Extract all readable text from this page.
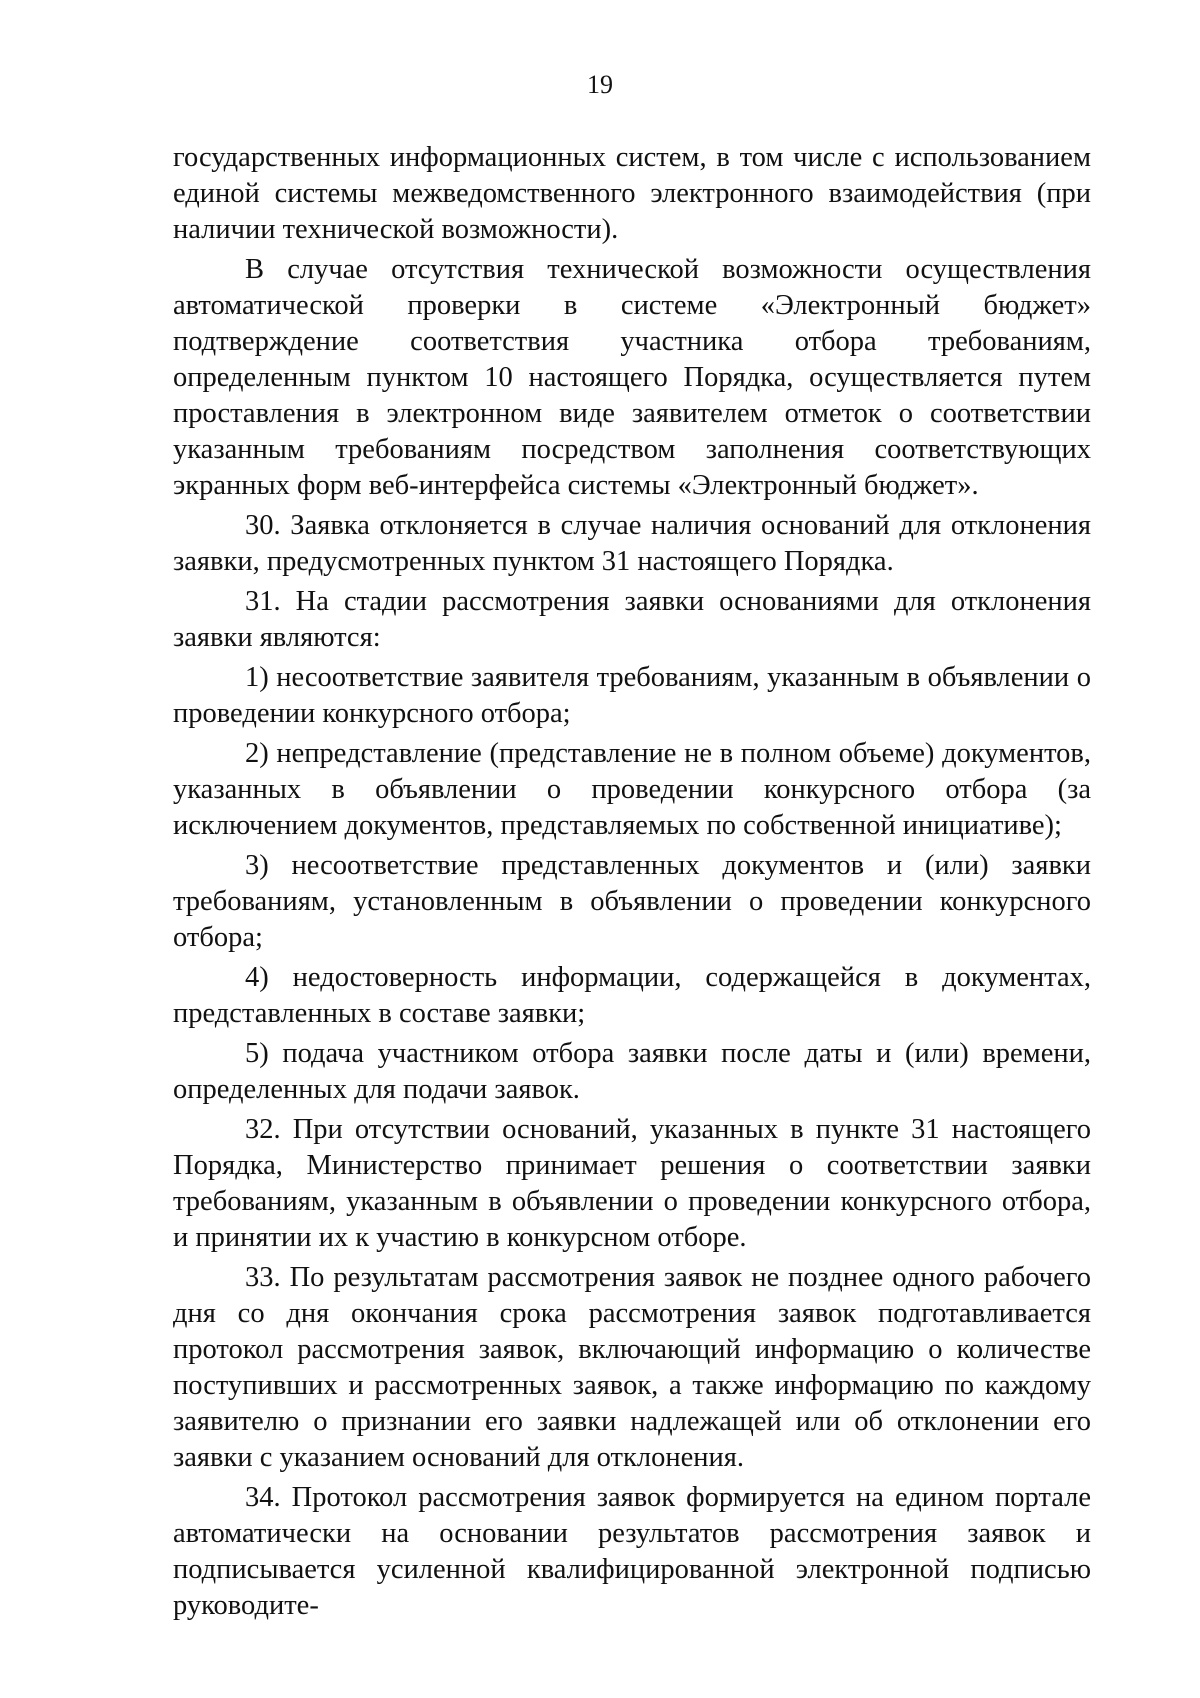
19

государственных информационных систем, в том числе с использованием единой системы межведомственного электронного взаимодействия (при наличии технической возможности).

В случае отсутствия технической возможности осуществления автоматической проверки в системе «Электронный бюджет» подтверждение соответствия участника отбора требованиям, определенным пунктом 10 настоящего Порядка, осуществляется путем проставления в электронном виде заявителем отметок о соответствии указанным требованиям посредством заполнения соответствующих экранных форм веб-интерфейса системы «Электронный бюджет».

30. Заявка отклоняется в случае наличия оснований для отклонения заявки, предусмотренных пунктом 31 настоящего Порядка.

31. На стадии рассмотрения заявки основаниями для отклонения заявки являются:

1) несоответствие заявителя требованиям, указанным в объявлении о проведении конкурсного отбора;

2) непредставление (представление не в полном объеме) документов, указанных в объявлении о проведении конкурсного отбора (за исключением документов, представляемых по собственной инициативе);

3) несоответствие представленных документов и (или) заявки требованиям, установленным в объявлении о проведении конкурсного отбора;

4) недостоверность информации, содержащейся в документах, представленных в составе заявки;

5) подача участником отбора заявки после даты и (или) времени, определенных для подачи заявок.

32. При отсутствии оснований, указанных в пункте 31 настоящего Порядка, Министерство принимает решения о соответствии заявки требованиям, указанным в объявлении о проведении конкурсного отбора, и принятии их к участию в конкурсном отборе.

33. По результатам рассмотрения заявок не позднее одного рабочего дня со дня окончания срока рассмотрения заявок подготавливается протокол рассмотрения заявок, включающий информацию о количестве поступивших и рассмотренных заявок, а также информацию по каждому заявителю о признании его заявки надлежащей или об отклонении его заявки с указанием оснований для отклонения.

34. Протокол рассмотрения заявок формируется на едином портале автоматически на основании результатов рассмотрения заявок и подписывается усиленной квалифицированной электронной подписью руководите-
